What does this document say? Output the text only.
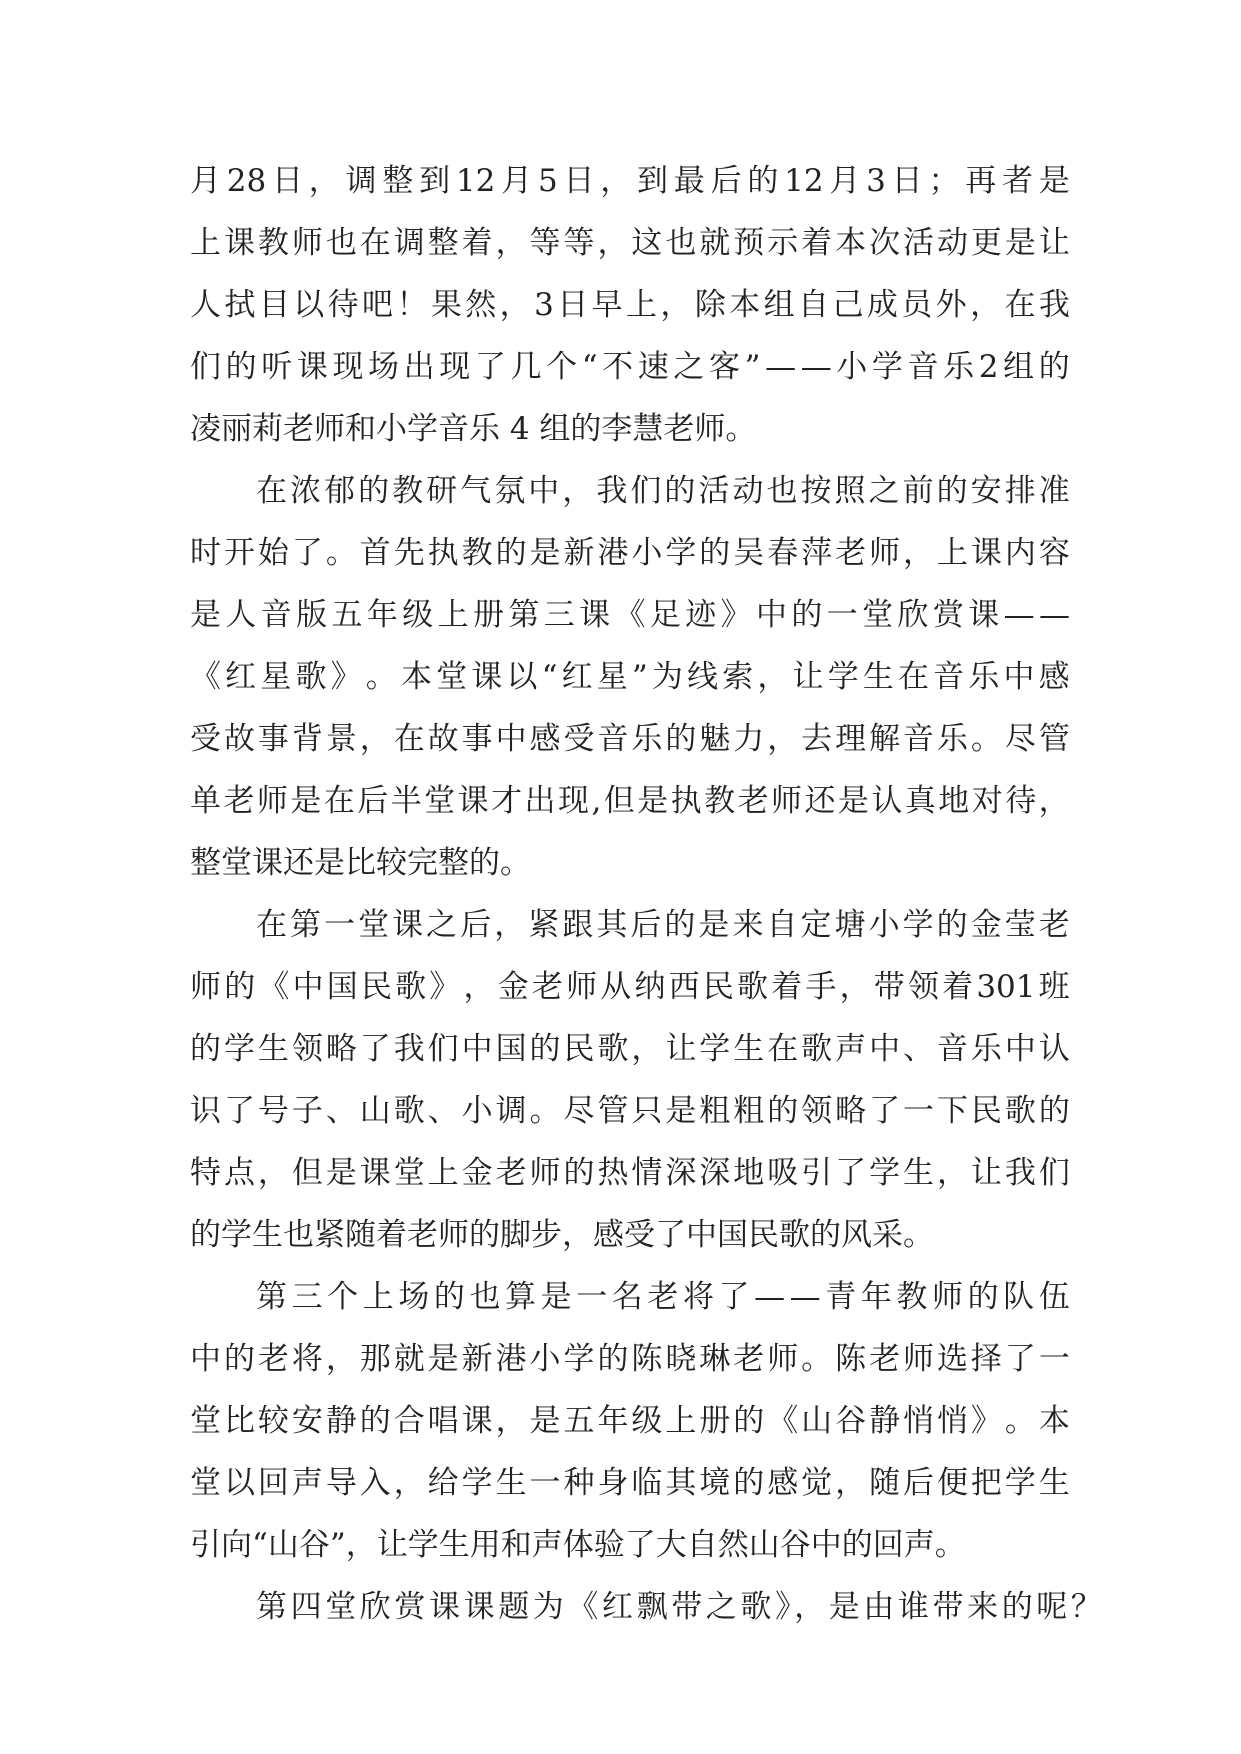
月 28 日 ， 调 整 到 12 月 5 日 ， 到 最 后 的 12 月 3 日 ； 再 者 是
上 课 教 师 也 在 调 整 着 ， 等 等 ， 这 也 就 预 示 着 本 次 活 动 更 是 让
人 拭 目 以 待 吧 ！ 果 然 ， 3 日 早 上 ， 除 本 组 自 己 成 员 外 ， 在 我
们 的 听 课 现 场 出 现 了 几 个 “ 不 速 之 客 ” — — 小 学 音 乐 2 组 的
凌丽莉老师和小学音乐 4 组的李慧老师。
在 浓 郁 的 教 研 气 氛 中 ， 我 们 的 活 动 也 按 照 之 前 的 安 排 准
时 开 始 了 。 首 先 执 教 的 是 新 港 小 学 的 吴 春 萍 老 师 ， 上 课 内 容
是 人 音 版 五 年 级 上 册 第 三 课 《 足 迹 》 中 的 一 堂 欣 赏 课 — —
《 红 星 歌 》 。 本 堂 课 以 “ 红 星 ” 为 线 索 ， 让 学 生 在 音 乐 中 感
受 故 事 背 景 ， 在 故 事 中 感 受 音 乐 的 魅 力 ， 去 理 解 音 乐 。 尽 管
单 老 师 是 在 后 半 堂 课 才 出 现 , 但 是 执 教 老 师 还 是 认 真 地 对 待 ，
整堂课还是比较完整的。
在 第 一 堂 课 之 后 ， 紧 跟 其 后 的 是 来 自 定 塘 小 学 的 金 莹 老
师 的 《 中 国 民 歌 》 ， 金 老 师 从 纳 西 民 歌 着 手 ， 带 领 着 301 班
的 学 生 领 略 了 我 们 中 国 的 民 歌 ， 让 学 生 在 歌 声 中 、 音 乐 中 认
识 了 号 子 、 山 歌 、 小 调 。 尽 管 只 是 粗 粗 的 领 略 了 一 下 民 歌 的
特 点 ， 但 是 课 堂 上 金 老 师 的 热 情 深 深 地 吸 引 了 学 生 ， 让 我 们
的学生也紧随着老师的脚步，感受了中国民歌的风采。
第 三 个 上 场 的 也 算 是 一 名 老 将 了 — — 青 年 教 师 的 队 伍
中 的 老 将 ， 那 就 是 新 港 小 学 的 陈 晓 琳 老 师 。 陈 老 师 选 择 了 一
堂 比 较 安 静 的 合 唱 课 ， 是 五 年 级 上 册 的 《 山 谷 静 悄 悄 》 。 本
堂 以 回 声 导 入 ， 给 学 生 一 种 身 临 其 境 的 感 觉 ， 随 后 便 把 学 生
引向“山谷”，让学生用和声体验了大自然山谷中的回声。
第四堂欣赏课课题为《红飘带之歌》，是由谁带来的呢？
